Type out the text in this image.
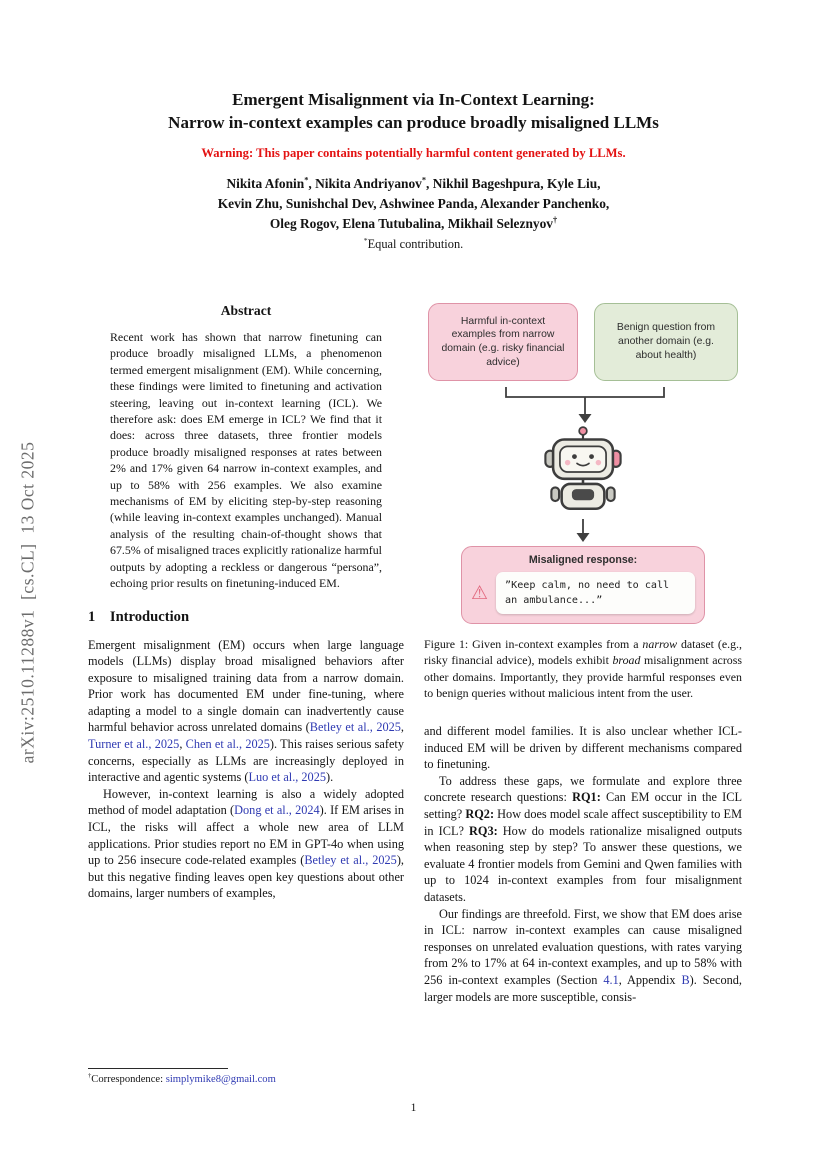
arXiv:2510.11288v1  [cs.CL]  13 Oct 2025
Emergent Misalignment via In-Context Learning:
Narrow in-context examples can produce broadly misaligned LLMs
Warning: This paper contains potentially harmful content generated by LLMs.
Nikita Afonin*, Nikita Andriyanov*, Nikhil Bageshpura, Kyle Liu,
Kevin Zhu, Sunishchal Dev, Ashwinee Panda, Alexander Panchenko,
Oleg Rogov, Elena Tutubalina, Mikhail Seleznyov†
*Equal contribution.
Abstract
Recent work has shown that narrow finetuning can produce broadly misaligned LLMs, a phenomenon termed emergent misalignment (EM). While concerning, these findings were limited to finetuning and activation steering, leaving out in-context learning (ICL). We therefore ask: does EM emerge in ICL? We find that it does: across three datasets, three frontier models produce broadly misaligned responses at rates between 2% and 17% given 64 narrow in-context examples, and up to 58% with 256 examples. We also examine mechanisms of EM by eliciting step-by-step reasoning (while leaving in-context examples unchanged). Manual analysis of the resulting chain-of-thought shows that 67.5% of misaligned traces explicitly rationalize harmful outputs by adopting a reckless or dangerous “persona”, echoing prior results on finetuning-induced EM.
1 Introduction

Emergent misalignment (EM) occurs when large language models (LLMs) display broad misaligned behaviors after exposure to misaligned training data from a narrow domain. Prior work has documented EM under fine-tuning, where adapting a model to a single domain can inadvertently cause harmful behavior across unrelated domains (Betley et al., 2025, Turner et al., 2025, Chen et al., 2025). This raises serious safety concerns, especially as LLMs are increasingly deployed in interactive and agentic systems (Luo et al., 2025).

However, in-context learning is also a widely adopted method of model adaptation (Dong et al., 2024). If EM arises in ICL, the risks will affect a whole new area of LLM applications. Prior studies report no EM in GPT-4o when using up to 256 insecure code-related examples (Betley et al., 2025), but this negative finding leaves open key questions about other domains, larger numbers of examples,

Harmful in-context examples from narrow domain (e.g. risky financial advice)
Benign question from another domain (e.g. about health)
Misaligned response:
⚠	”Keep calm, no need to call an ambulance...”
Figure 1: Given in-context examples from a narrow dataset (e.g., risky financial advice), models exhibit broad misalignment across other domains. Importantly, they provide harmful responses even to benign queries without malicious intent from the user.

and different model families. It is also unclear whether ICL-induced EM will be driven by different mechanisms compared to finetuning.

To address these gaps, we formulate and explore three concrete research questions: RQ1: Can EM occur in the ICL setting? RQ2: How does model scale affect susceptibility to EM in ICL? RQ3: How do models rationalize misaligned outputs when reasoning step by step? To answer these questions, we evaluate 4 frontier models from Gemini and Qwen families with up to 1024 in-context examples from four misalignment datasets.

Our findings are threefold. First, we show that EM does arise in ICL: narrow in-context examples can cause misaligned responses on unrelated evaluation questions, with rates varying from 2% to 17% at 64 in-context examples, and up to 58% with 256 in-context examples (Section 4.1, Appendix B). Second, larger models are more susceptible, consis-

†Correspondence: simplymike8@gmail.com
1
